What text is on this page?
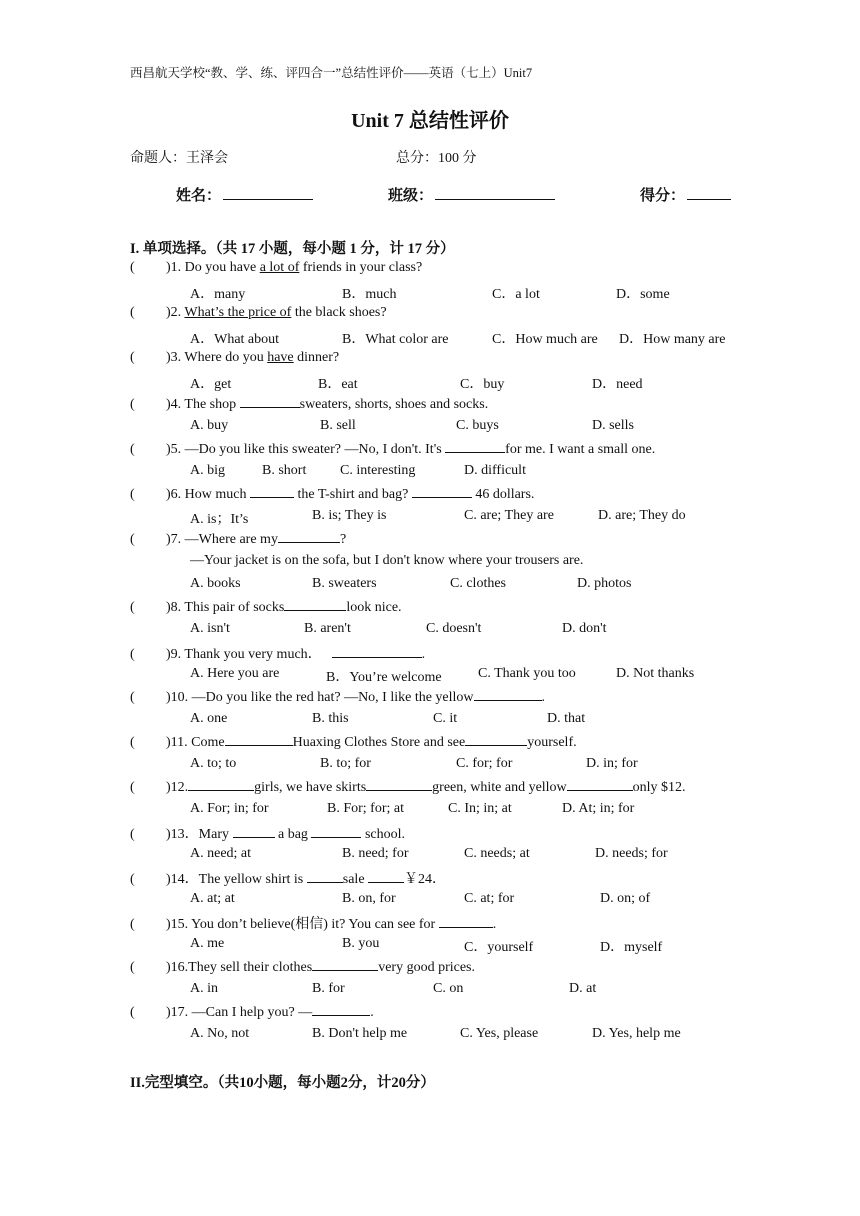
西昌航天学校“教、学、练、评四合一”总结性评价——英语（七上）Unit7
Unit 7 总结性评价
命题人：王泽会	总分：100 分
姓名：	班级：	得分：
I. 单项选择。（共 17 小题，每小题 1 分，计 17 分）
( )1. Do you have a lot of friends in your class?
A．many	B．much	C．a lot	D．some
( )2. What’s the price of the black shoes?
A．What about	B．What color are	C．How much are D．How many are
( )3. Where do you have dinner?
A．get	B．eat	C．buy	D．need
( )4. The shop	sweaters, shorts, shoes and socks.
A. buy	B. sell	C. buys	D. sells
( )5. —Do you like this sweater? —No, I don't. It's	for me. I want a small one.
A. big	B. short C. interesting	D. difficult
( )6. How much	the T-shirt and bag?	46 dollars.
A. is；It’s	B. is; They is	C. are; They are	D. are; They do
( )7. —Where are my	?
—Your jacket is on the sofa, but I don't know where your trousers are.
A. books	B. sweaters	C. clothes	D. photos
( )8. This pair of socks	look nice.
A. isn't	B. aren't	C. doesn't	D. don't
( )9. Thank you very much．	.
A. Here you are	B．You’re welcome	C. Thank you too	D. Not thanks
( )10. —Do you like the red hat? —No, I like the yellow	.
A. one	B. this	C. it	D. that
( )11. Come	Huaxing Clothes Store and see	yourself.
A. to; to	B. to; for	C. for; for	D. in; for
( )12.	girls, we have skirts	green, white and yellow	only $12.
A. For; in; for	B. For; for; at	C. In; in; at	D. At; in; for
( )13．Mary	a bag	school.
A. need; at	B. need; for	C. needs; at	D. needs; for
( )14．The yellow shirt is	sale	￥24．
A. at; at	B. on, for	C. at; for	D. on; of
( )15. You don’t believe(相信) it? You can see for	.
A. me	B. you	C．yourself	D．myself
( )16.They sell their clothes	very good prices.
A. in	B. for	C. on	D. at
( )17. —Can I help you? —	.
A. No, not	B. Don't help me	C. Yes, please	D. Yes, help me
II.完型填空。（共10小题，每小题2分，计20分）
